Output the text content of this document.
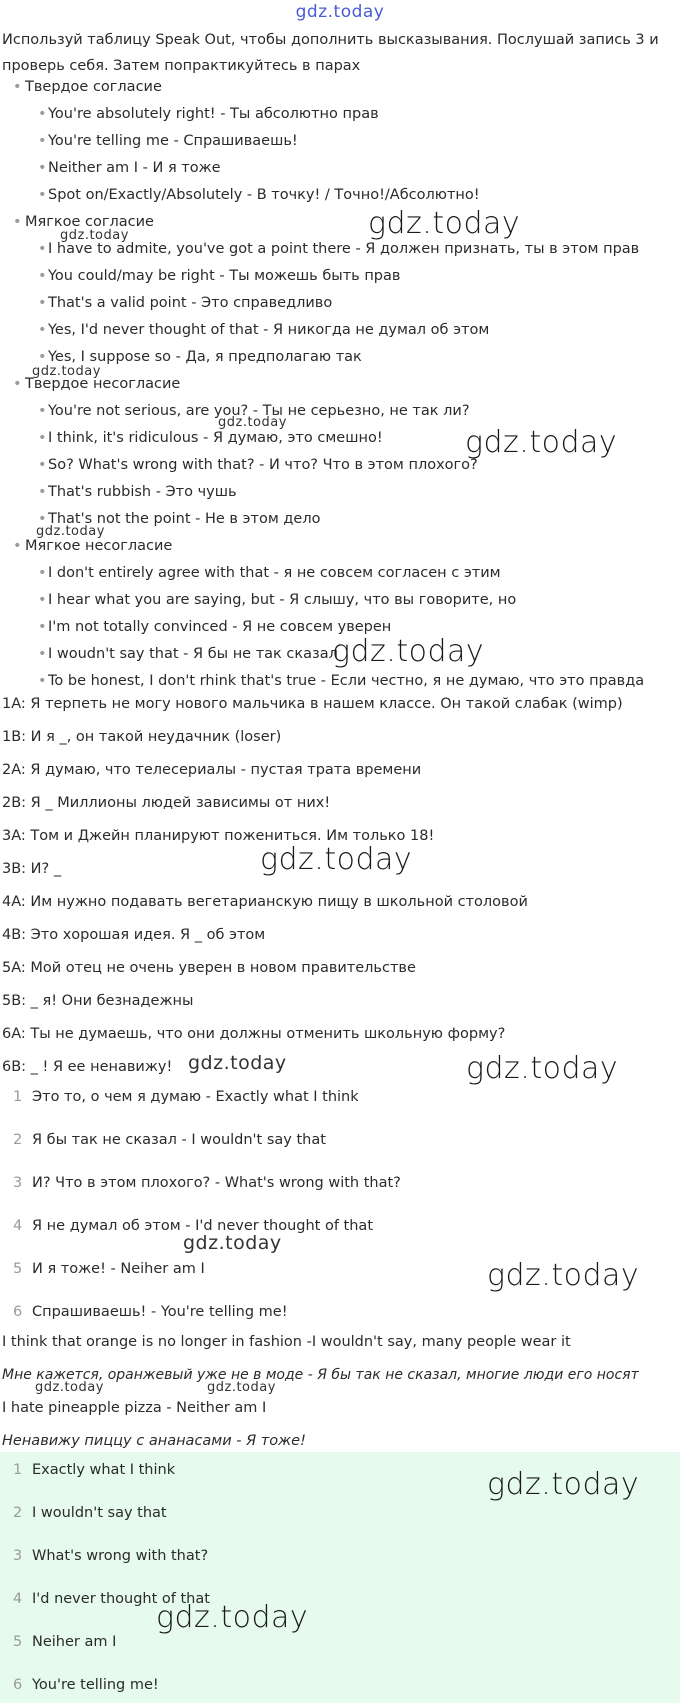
gdz.today
Используй таблицу Speak Out, чтобы дополнить высказывания. Послушай запись 3 и проверь себя. Затем попрактикуйтесь в парах
• Твердое согласие
• You're absolutely right! - Ты абсолютно прав
• You're telling me - Спрашиваешь!
• Neither am I - И я тоже
• Spot on/Exactly/Absolutely - В точку! / Точно!/Абсолютно!
• Мягкое согласие
• I have to admite, you've got a point there - Я должен признать, ты в этом прав
• You could/may be right - Ты можешь быть прав
• That's a valid point - Это справедливо
• Yes, I'd never thought of that - Я никогда не думал об этом
• Yes, I suppose so - Да, я предполагаю так
• Твердое несогласие
• You're not serious, are you? - Ты не серьезно, не так ли?
• I think, it's ridiculous - Я думаю, это смешно!
• So? What's wrong with that? - И что? Что в этом плохого?
• That's rubbish - Это чушь
• That's not the point - Не в этом дело
• Мягкое несогласие
• I don't entirely agree with that - я не совсем согласен с этим
• I hear what you are saying, but - Я слышу, что вы говорите, но
• I'm not totally convinced - Я не совсем уверен
• I woudn't say that - Я бы не так сказал
• To be honest, I don't rhink that's true - Если честно, я не думаю, что это правда
1A: Я терпеть не могу нового мальчика в нашем классе. Он такой слабак (wimp)
1B: И я _, он такой неудачник (loser)
2A: Я думаю, что телесериалы - пустая трата времени
2B: Я _ Миллионы людей зависимы от них!
3A: Том и Джейн планируют пожениться. Им только 18!
3B: И? _
4A: Им нужно подавать вегетарианскую пищу в школьной столовой
4B: Это хорошая идея. Я _ об этом
5A: Мой отец не очень уверен в новом правительстве
5B: _ я! Они безнадежны
6A: Ты не думаешь, что они должны отменить школьную форму?
6B: _ ! Я ее ненавижу!
1 Это то, о чем я думаю - Exactly what I think
2 Я бы так не сказал - I wouldn't say that
3 И? Что в этом плохого? - What's wrong with that?
4 Я не думал об этом - I'd never thought of that
5 И я тоже! - Neiher am I
6 Спрашиваешь! - You're telling me!
I think that orange is no longer in fashion -I wouldn't say, many people wear it
Мне кажется, оранжевый уже не в моде - Я бы так не сказал, многие люди его носят
I hate pineapple pizza - Neither am I
Ненавижу пиццу с ананасами - Я тоже!
1 Exactly what I think
2 I wouldn't say that
3 What's wrong with that?
4 I'd never thought of that
5 Neiher am I
6 You're telling me!
gdz.today
gdz.today
gdz.today
gdz.today
gdz.today
gdz.today
gdz.today
gdz.today
gdz.today	gdz.today
gdz.today
gdz.today
gdz.today	gdz.today
gdz.today
gdz.today
